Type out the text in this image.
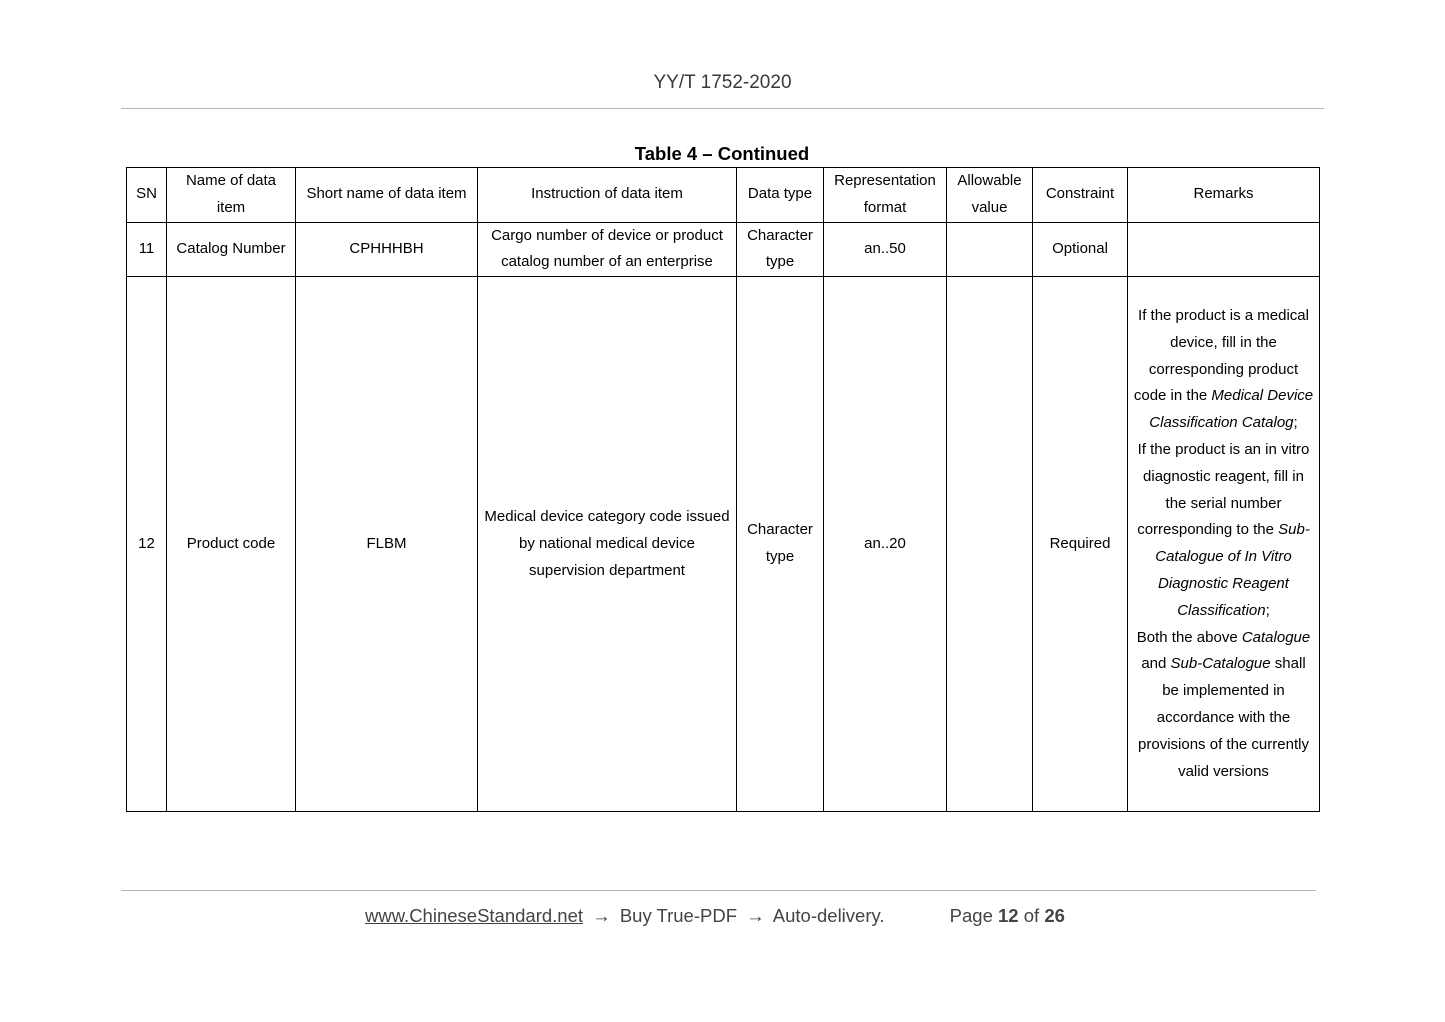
YY/T 1752-2020
Table 4 – Continued
SN	Name of data item	Short name of data item	Instruction of data item	Data type	Representation format	Allowable value	Constraint	Remarks
11	Catalog Number	CPHHHBH	Cargo number of device or product catalog number of an enterprise	Character type	an..50		Optional	
12	Product code	FLBM	Medical device category code issued by national medical device supervision department	Character type	an..20		Required	If the product is a medical device, fill in the corresponding product code in the Medical Device Classification Catalog;
If the product is an in vitro diagnostic reagent, fill in the serial number corresponding to the Sub-Catalogue of In Vitro Diagnostic Reagent Classification;
Both the above Catalogue and Sub-Catalogue shall be implemented in accordance with the provisions of the currently valid versions
www.ChineseStandard.net → Buy True-PDF → Auto-delivery.	Page 12 of 26
